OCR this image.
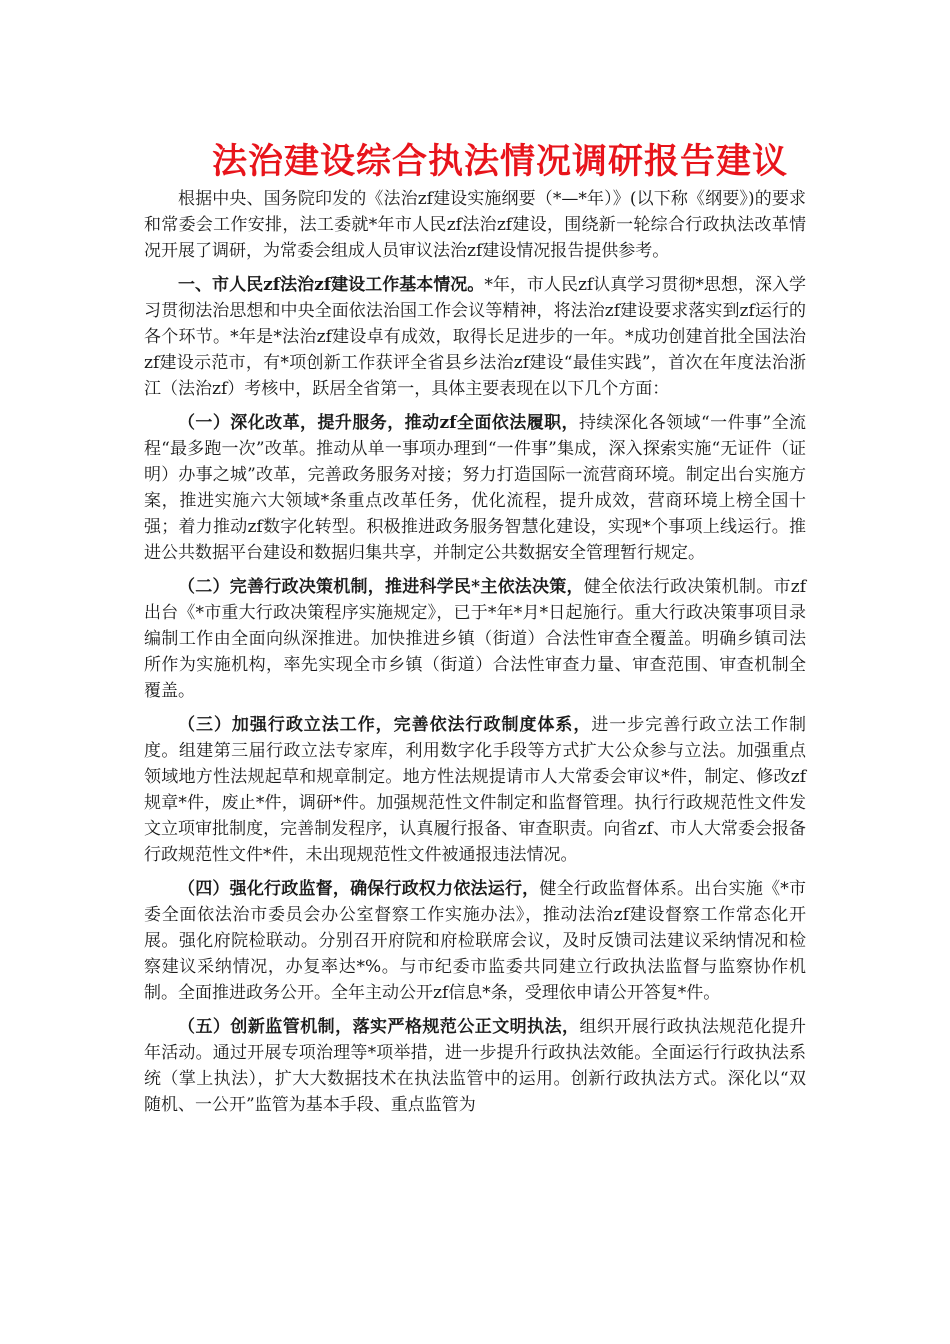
法治建设综合执法情况调研报告建议

根据中央、国务院印发的《法治zf建设实施纲要（*—*年）》(以下称《纲要》)的要求和常委会工作安排，法工委就*年市人民zf法治zf建设，围绕新一轮综合行政执法改革情况开展了调研，为常委会组成人员审议法治zf建设情况报告提供参考。

一、市人民zf法治zf建设工作基本情况。*年，市人民zf认真学习贯彻*思想，深入学习贯彻法治思想和中央全面依法治国工作会议等精神，将法治zf建设要求落实到zf运行的各个环节。*年是*法治zf建设卓有成效，取得长足进步的一年。*成功创建首批全国法治zf建设示范市，有*项创新工作获评全省县乡法治zf建设“最佳实践”，首次在年度法治浙江（法治zf）考核中，跃居全省第一，具体主要表现在以下几个方面：

（一）深化改革，提升服务，推动zf全面依法履职，持续深化各领域“一件事”全流程“最多跑一次”改革。推动从单一事项办理到“一件事”集成，深入探索实施“无证件（证明）办事之城”改革，完善政务服务对接；努力打造国际一流营商环境。制定出台实施方案，推进实施六大领域*条重点改革任务，优化流程，提升成效，营商环境上榜全国十强；着力推动zf数字化转型。积极推进政务服务智慧化建设，实现*个事项上线运行。推进公共数据平台建设和数据归集共享，并制定公共数据安全管理暂行规定。

（二）完善行政决策机制，推进科学民*主依法决策，健全依法行政决策机制。市zf出台《*市重大行政决策程序实施规定》，已于*年*月*日起施行。重大行政决策事项目录编制工作由全面向纵深推进。加快推进乡镇（街道）合法性审查全覆盖。明确乡镇司法所作为实施机构，率先实现全市乡镇（街道）合法性审查力量、审查范围、审查机制全覆盖。

（三）加强行政立法工作，完善依法行政制度体系，进一步完善行政立法工作制度。组建第三届行政立法专家库，利用数字化手段等方式扩大公众参与立法。加强重点领域地方性法规起草和规章制定。地方性法规提请市人大常委会审议*件，制定、修改zf规章*件，废止*件，调研*件。加强规范性文件制定和监督管理。执行行政规范性文件发文立项审批制度，完善制发程序，认真履行报备、审查职责。向省zf、市人大常委会报备行政规范性文件*件，未出现规范性文件被通报违法情况。

（四）强化行政监督，确保行政权力依法运行，健全行政监督体系。出台实施《*市委全面依法治市委员会办公室督察工作实施办法》，推动法治zf建设督察工作常态化开展。强化府院检联动。分别召开府院和府检联席会议，及时反馈司法建议采纳情况和检察建议采纳情况，办复率达*%。与市纪委市监委共同建立行政执法监督与监察协作机制。全面推进政务公开。全年主动公开zf信息*条，受理依申请公开答复*件。

（五）创新监管机制，落实严格规范公正文明执法，组织开展行政执法规范化提升年活动。通过开展专项治理等*项举措，进一步提升行政执法效能。全面运行行政执法系统（掌上执法），扩大大数据技术在执法监管中的运用。创新行政执法方式。深化以“双随机、一公开”监管为基本手段、重点监管为
